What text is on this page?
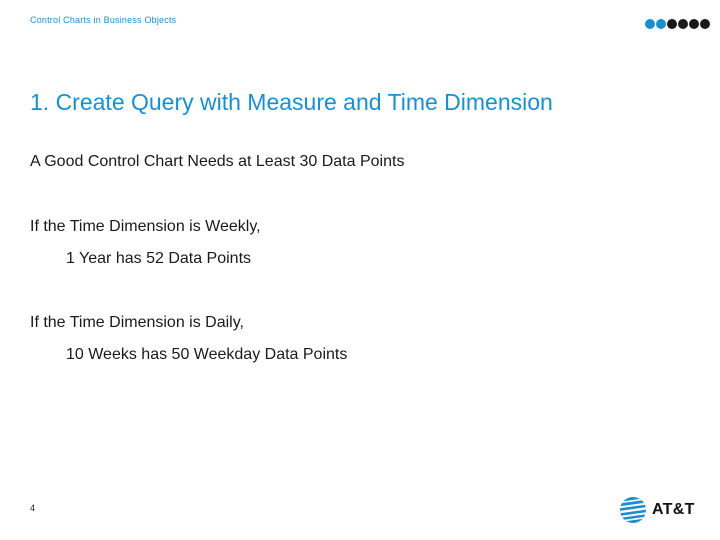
Control Charts in Business Objects
1. Create Query with Measure and Time Dimension
A Good Control Chart Needs at Least 30 Data Points
If the Time Dimension is Weekly,
1 Year has 52 Data Points
If the Time Dimension is Daily,
10 Weeks has 50 Weekday Data Points
4	AT&T
